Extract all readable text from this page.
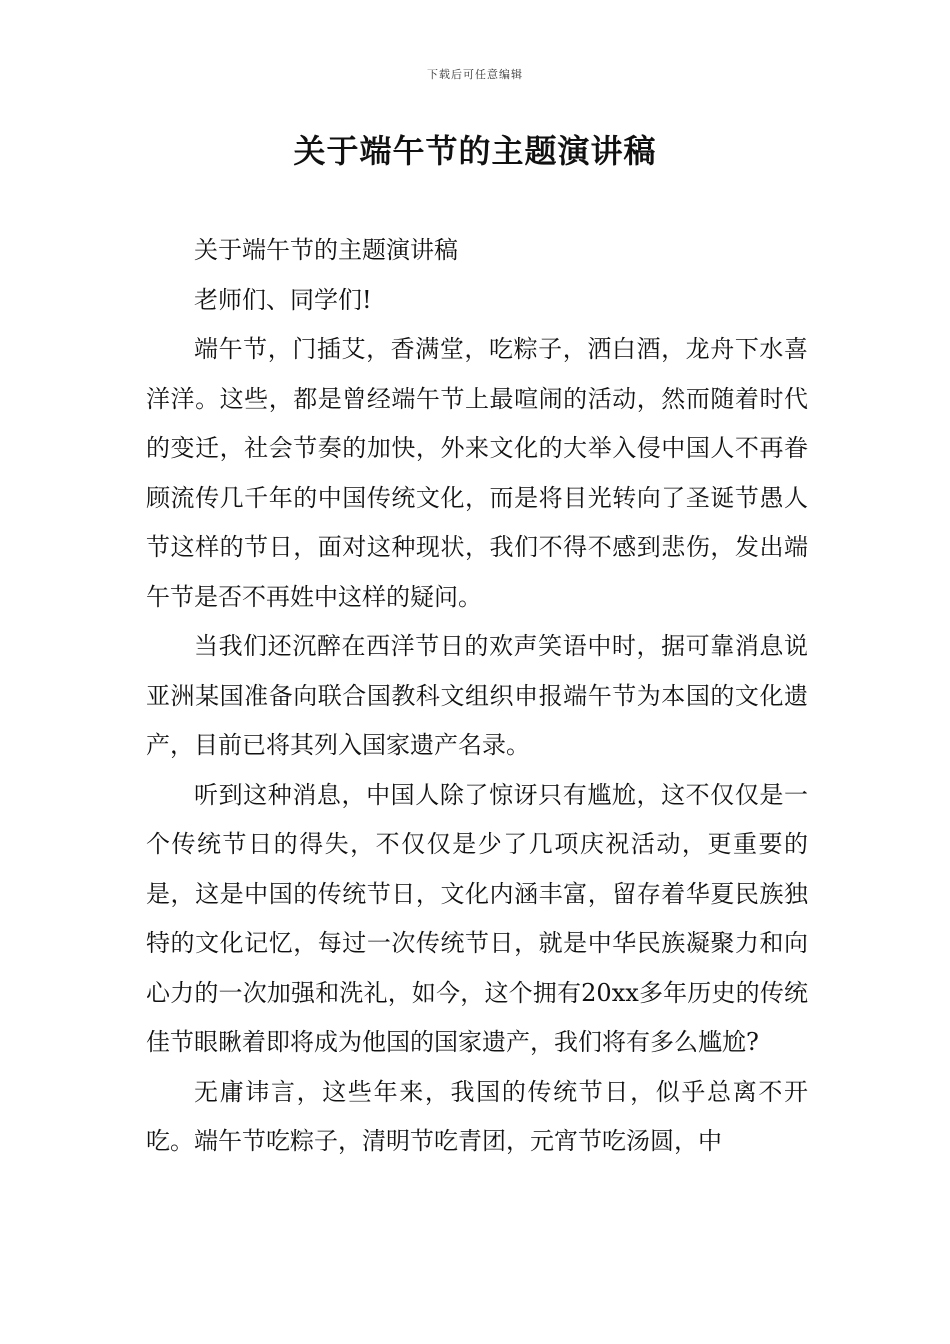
下载后可任意编辑
关于端午节的主题演讲稿

关于端午节的主题演讲稿

老师们、同学们!

端午节，门插艾，香满堂，吃粽子，洒白酒，龙舟下水喜洋洋。这些，都是曾经端午节上最喧闹的活动，然而随着时代的变迁，社会节奏的加快，外来文化的大举入侵中国人不再眷顾流传几千年的中国传统文化，而是将目光转向了圣诞节愚人节这样的节日，面对这种现状，我们不得不感到悲伤，发出端午节是否不再姓中这样的疑问。

当我们还沉醉在西洋节日的欢声笑语中时，据可靠消息说亚洲某国准备向联合国教科文组织申报端午节为本国的文化遗产，目前已将其列入国家遗产名录。

听到这种消息，中国人除了惊讶只有尴尬，这不仅仅是一个传统节日的得失，不仅仅是少了几项庆祝活动，更重要的是，这是中国的传统节日，文化内涵丰富，留存着华夏民族独特的文化记忆，每过一次传统节日，就是中华民族凝聚力和向心力的一次加强和洗礼，如今，这个拥有20xx多年历史的传统佳节眼瞅着即将成为他国的国家遗产，我们将有多么尴尬?

无庸讳言，这些年来，我国的传统节日，似乎总离不开吃。端午节吃粽子，清明节吃青团，元宵节吃汤圆，中
